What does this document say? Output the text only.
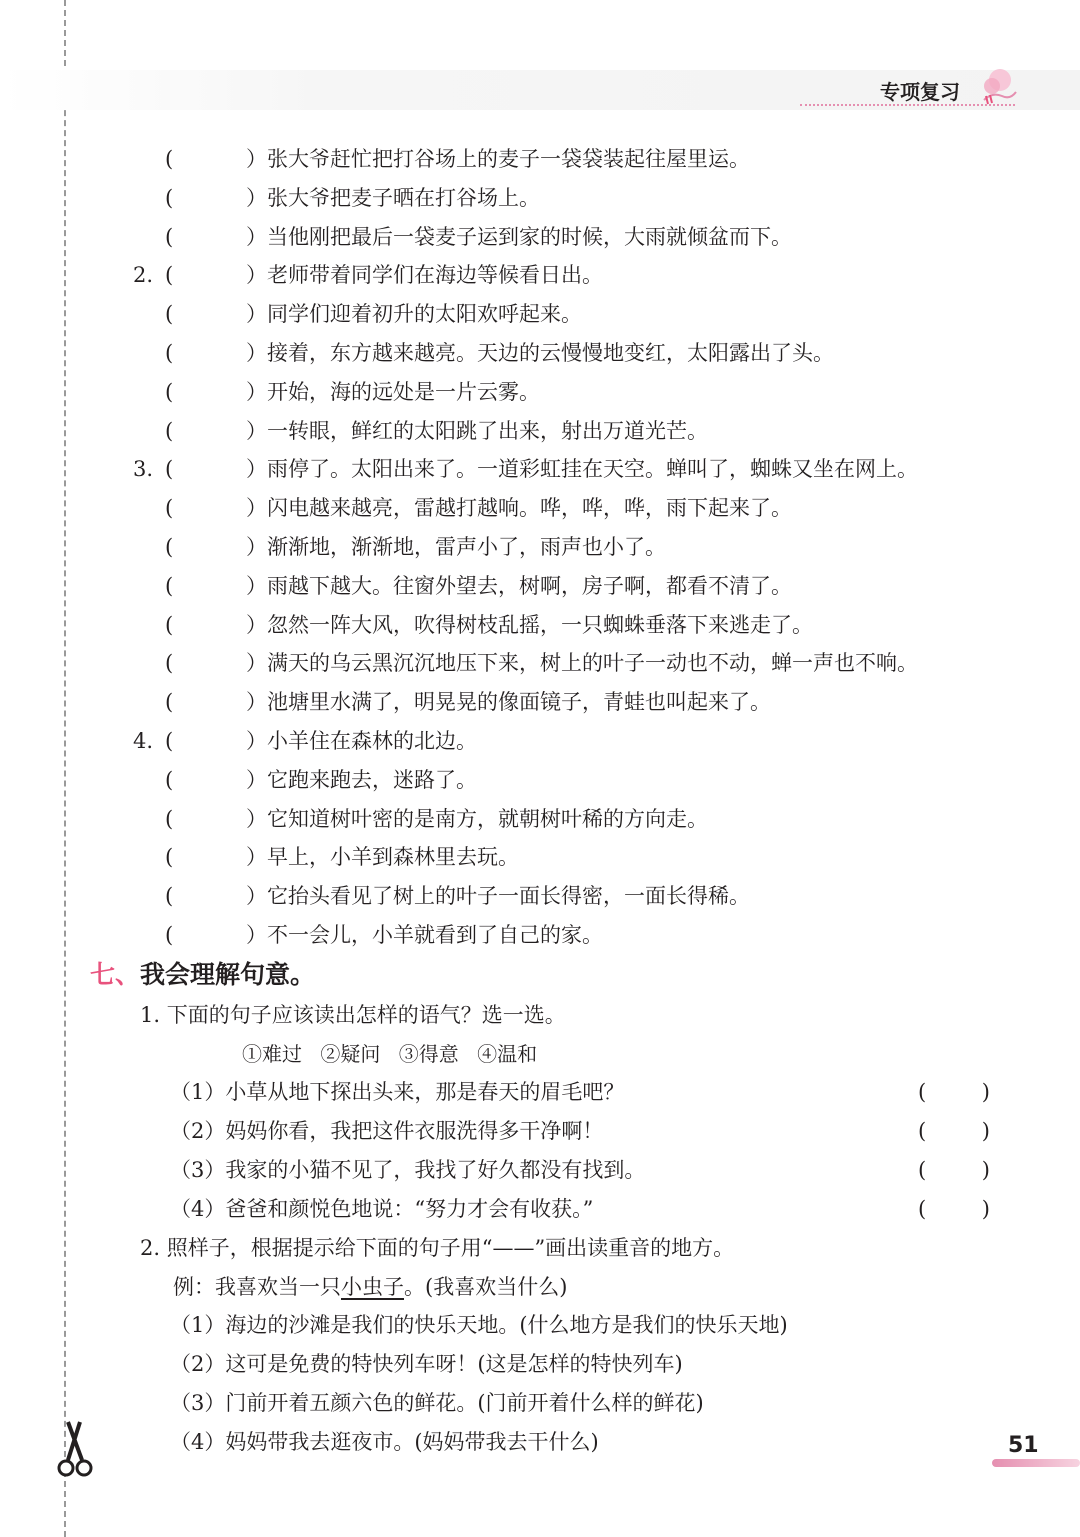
专项复习
(	）张大爷赶忙把打谷场上的麦子一袋袋装起往屋里运。
(	）张大爷把麦子晒在打谷场上。
(	）当他刚把最后一袋麦子运到家的时候，大雨就倾盆而下。
2. (	）老师带着同学们在海边等候看日出。
(	）同学们迎着初升的太阳欢呼起来。
(	）接着，东方越来越亮。天边的云慢慢地变红，太阳露出了头。
(	）开始，海的远处是一片云雾。
(	）一转眼，鲜红的太阳跳了出来，射出万道光芒。
3. (	）雨停了。太阳出来了。一道彩虹挂在天空。蝉叫了，蜘蛛又坐在网上。
(	）闪电越来越亮，雷越打越响。哗，哗，哗，雨下起来了。
(	）渐渐地，渐渐地，雷声小了，雨声也小了。
(	）雨越下越大。往窗外望去，树啊，房子啊，都看不清了。
(	）忽然一阵大风，吹得树枝乱摇，一只蜘蛛垂落下来逃走了。
(	）满天的乌云黑沉沉地压下来，树上的叶子一动也不动，蝉一声也不响。
(	）池塘里水满了，明晃晃的像面镜子，青蛙也叫起来了。
4. (	）小羊住在森林的北边。
(	）它跑来跑去，迷路了。
(	）它知道树叶密的是南方，就朝树叶稀的方向走。
(	）早上，小羊到森林里去玩。
(	）它抬头看见了树上的叶子一面长得密，一面长得稀。
(	）不一会儿，小羊就看到了自己的家。
七、我会理解句意。
1. 下面的句子应该读出怎样的语气？选一选。
①难过 ②疑问 ③得意 ④温和
（1）小草从地下探出头来，那是春天的眉毛吧？	(	)
（2）妈妈你看，我把这件衣服洗得多干净啊！	(	)
（3）我家的小猫不见了，我找了好久都没有找到。	(	)
（4）爸爸和颜悦色地说：“努力才会有收获。”	(	)
2. 照样子，根据提示给下面的句子用“——”画出读重音的地方。
例：我喜欢当一只小虫子。(我喜欢当什么)
（1）海边的沙滩是我们的快乐天地。(什么地方是我们的快乐天地)
（2）这可是免费的特快列车呀！(这是怎样的特快列车)
（3）门前开着五颜六色的鲜花。(门前开着什么样的鲜花)
（4）妈妈带我去逛夜市。(妈妈带我去干什么)	51
